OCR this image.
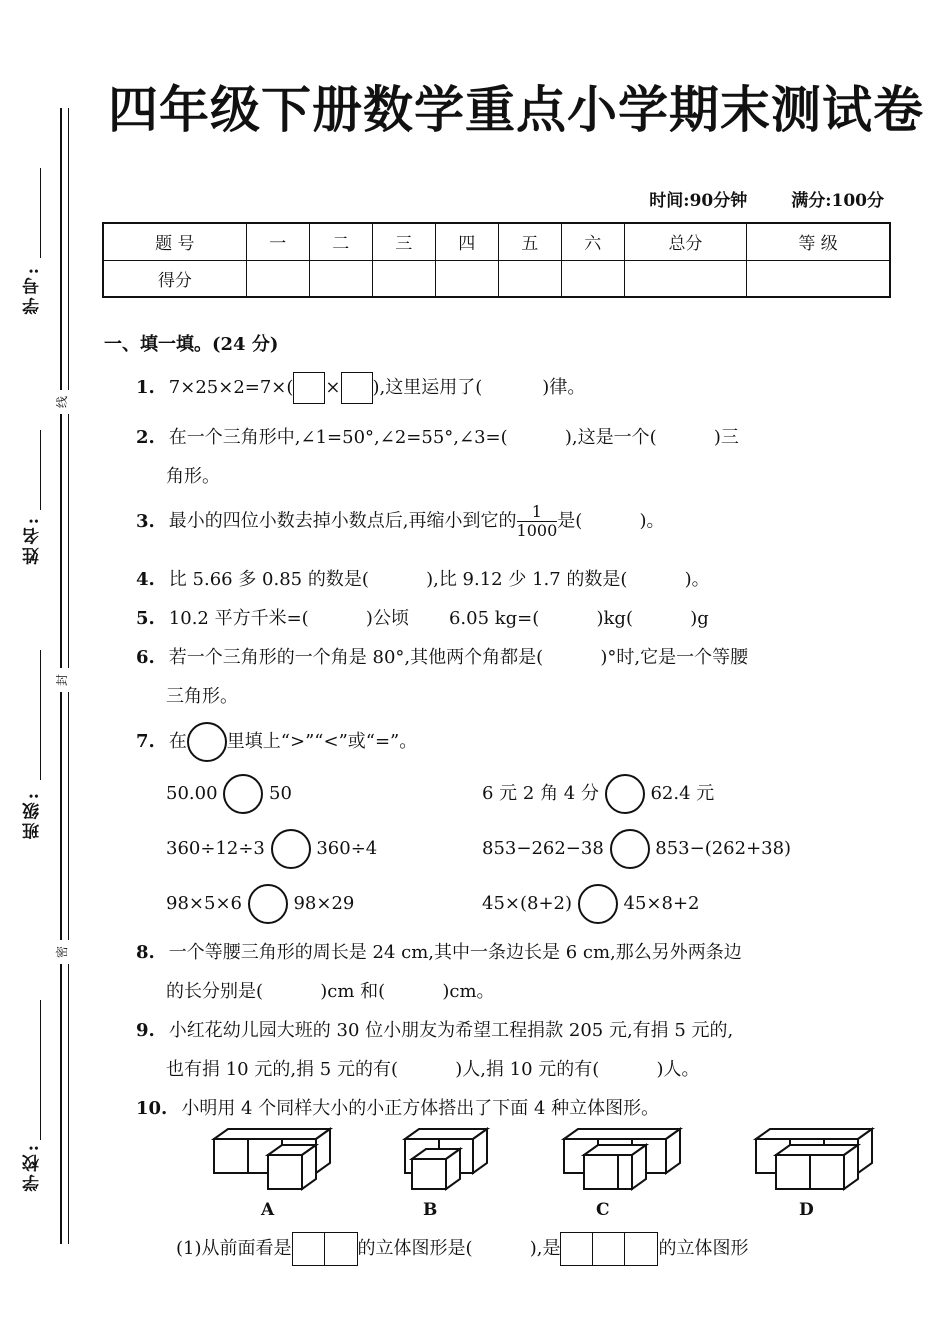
学号:
姓名:
班级:
学校:
线
封
密
四年级下册数学重点小学期末测试卷
时间:90分钟	满分:100分
题 号	一	二	三	四	五	六	总分	等 级
得分								
一、填一填。(24 分)
1. 7×25×2=7×( × ),这里运用了(	)律。
2. 在一个三角形中,∠1=50°,∠2=55°,∠3=(          ),这是一个(          )三
角形。
3. 最小的四位小数去掉小数点后,再缩小到它的 $\frac{1}{1000}$ 是(          )。
4. 比 5.66 多 0.85 的数是(          ),比 9.12 少 1.7 的数是(          )。
5. 10.2 平方千米=(          )公顷 6.05 kg=(          )kg(          )g
6. 若一个三角形的一个角是 80°,其他两个角都是(          )°时,它是一个等腰
三角形。
7. 在 里填上“>”“<”或“=”。
50.00	50	6 元 2 角 4 分	62.4 元
360÷12÷3	360÷4	853−262−38	853−(262+38)
98×5×6	98×29	45×(8+2)	45×8+2
8. 一个等腰三角形的周长是 24 cm,其中一条边长是 6 cm,那么另外两条边
的长分别是(          )cm 和(          )cm。
9. 小红花幼儿园大班的 30 位小朋友为希望工程捐款 205 元,有捐 5 元的,
也有捐 10 元的,捐 5 元的有(          )人,捐 10 元的有(          )人。
10. 小明用 4 个同样大小的小正方体搭出了下面 4 种立体图形。
A	B	C	D
(1)从前面看是	的立体图形是(          ),是	的立体图形
